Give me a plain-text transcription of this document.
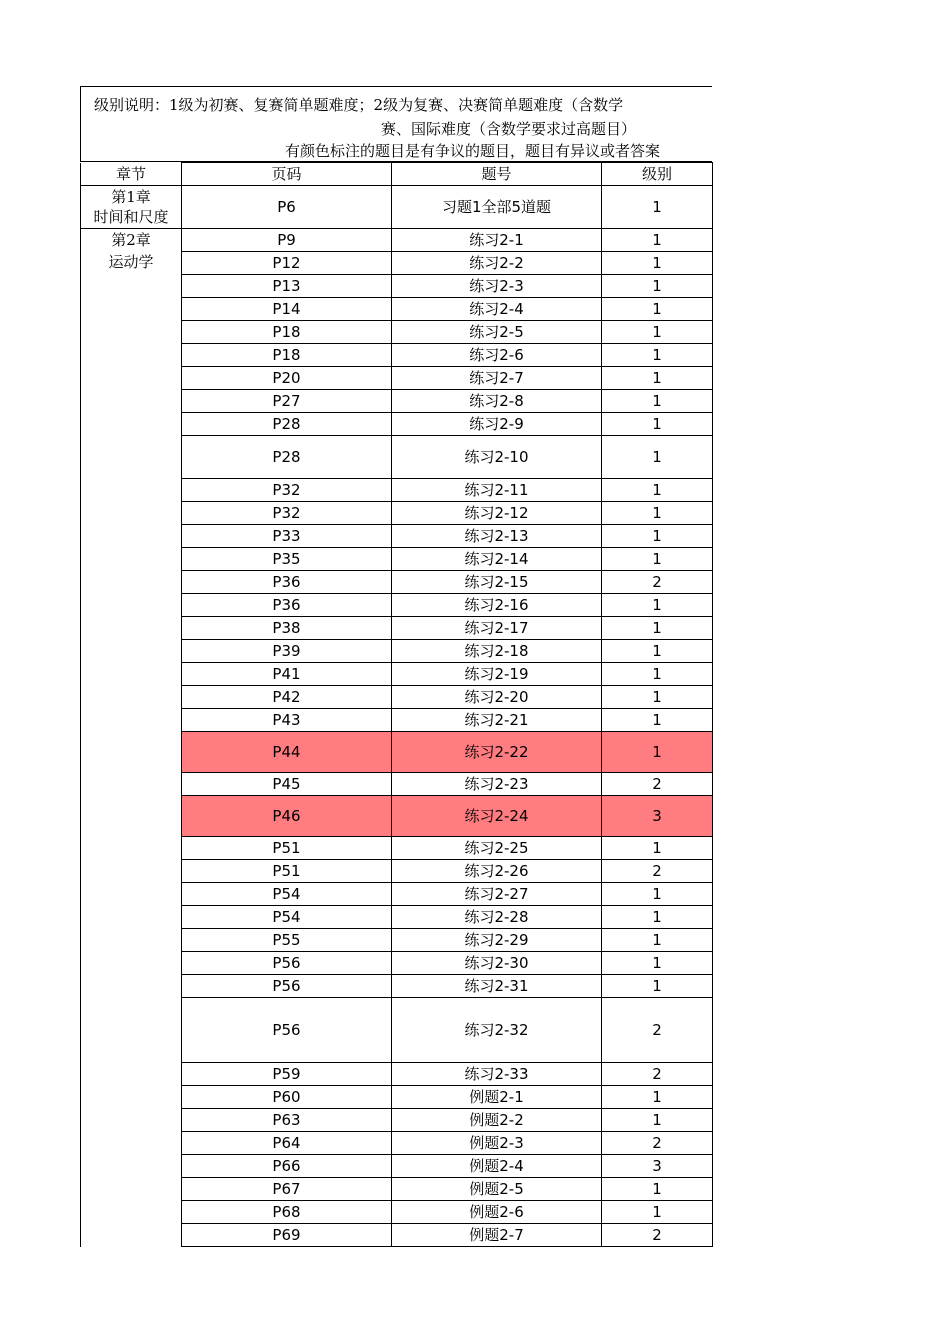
级别说明：1级为初赛、复赛简单题难度；2级为复赛、决赛简单题难度（含数学
赛、国际难度（含数学要求过高题目）
有颜色标注的题目是有争议的题目，题目有异议或者答案
章节	页码	题号	级别

第1章
时间和尺度	P6	习题1全部5道题	1

第2章
运动学	P9	练习2-1	1
	P12	练习2-2	1
	P13	练习2-3	1
	P14	练习2-4	1
	P18	练习2-5	1
	P18	练习2-6	1
	P20	练习2-7	1
	P27	练习2-8	1
	P28	练习2-9	1
	P28	练习2-10	1
	P32	练习2-11	1
	P32	练习2-12	1
	P33	练习2-13	1
	P35	练习2-14	1
	P36	练习2-15	2
	P36	练习2-16	1
	P38	练习2-17	1
	P39	练习2-18	1
	P41	练习2-19	1
	P42	练习2-20	1
	P43	练习2-21	1
	P44	练习2-22	1
	P45	练习2-23	2
	P46	练习2-24	3
	P51	练习2-25	1
	P51	练习2-26	2
	P54	练习2-27	1
	P54	练习2-28	1
	P55	练习2-29	1
	P56	练习2-30	1
	P56	练习2-31	1
	P56	练习2-32	2
	P59	练习2-33	2
	P60	例题2-1	1
	P63	例题2-2	1
	P64	例题2-3	2
	P66	例题2-4	3
	P67	例题2-5	1
	P68	例题2-6	1
	P69	例题2-7	2
